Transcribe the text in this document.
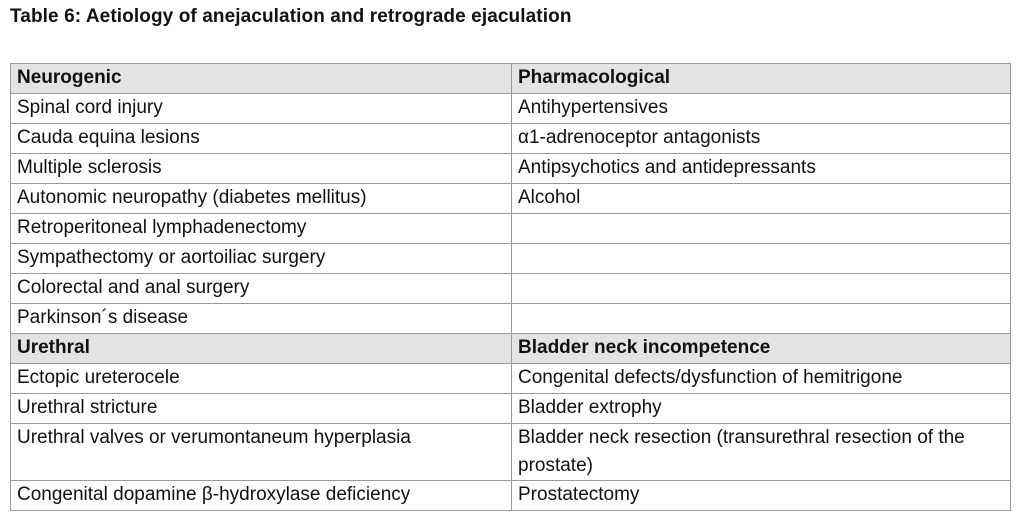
Table 6: Aetiology of anejaculation and retrograde ejaculation
Neurogenic	Pharmacological
Spinal cord injury	Antihypertensives
Cauda equina lesions	α1-adrenoceptor antagonists
Multiple sclerosis	Antipsychotics and antidepressants
Autonomic neuropathy (diabetes mellitus)	Alcohol
Retroperitoneal lymphadenectomy	
Sympathectomy or aortoiliac surgery	
Colorectal and anal surgery	
Parkinson´s disease	
Urethral	Bladder neck incompetence
Ectopic ureterocele	Congenital defects/dysfunction of hemitrigone
Urethral stricture	Bladder extrophy
Urethral valves or verumontaneum hyperplasia	Bladder neck resection (transurethral resection of the prostate)
Congenital dopamine β-hydroxylase deficiency	Prostatectomy
